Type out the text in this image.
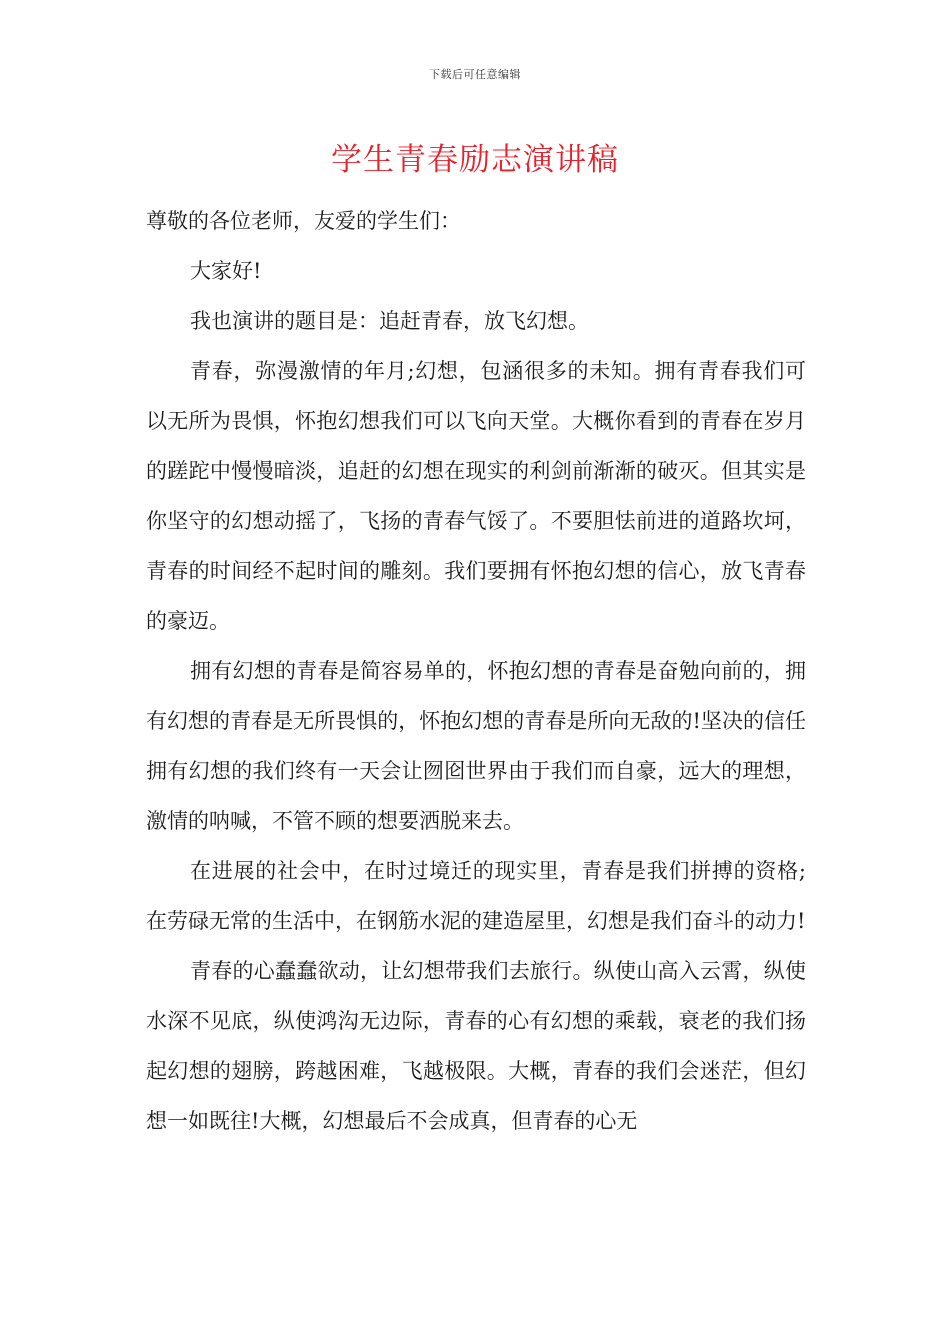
下载后可任意编辑
学生青春励志演讲稿

尊敬的各位老师，友爱的学生们：

大家好!

我也演讲的题目是：追赶青春，放飞幻想。

青春，弥漫激情的年月;幻想，包涵很多的未知。拥有青春我们可以无所为畏惧，怀抱幻想我们可以飞向天堂。大概你看到的青春在岁月的蹉跎中慢慢暗淡，追赶的幻想在现实的利剑前渐渐的破灭。但其实是你坚守的幻想动摇了，飞扬的青春气馁了。不要胆怯前进的道路坎坷，青春的时间经不起时间的雕刻。我们要拥有怀抱幻想的信心，放飞青春的豪迈。

拥有幻想的青春是简容易单的，怀抱幻想的青春是奋勉向前的，拥有幻想的青春是无所畏惧的，怀抱幻想的青春是所向无敌的!坚决的信任拥有幻想的我们终有一天会让囫囵世界由于我们而自豪，远大的理想，激情的呐喊，不管不顾的想要洒脱来去。

在进展的社会中，在时过境迁的现实里，青春是我们拼搏的资格;在劳碌无常的生活中，在钢筋水泥的建造屋里，幻想是我们奋斗的动力!

青春的心蠢蠢欲动，让幻想带我们去旅行。纵使山高入云霄，纵使水深不见底，纵使鸿沟无边际，青春的心有幻想的乘载，衰老的我们扬起幻想的翅膀，跨越困难，飞越极限。大概，青春的我们会迷茫，但幻想一如既往!大概，幻想最后不会成真，但青春的心无
